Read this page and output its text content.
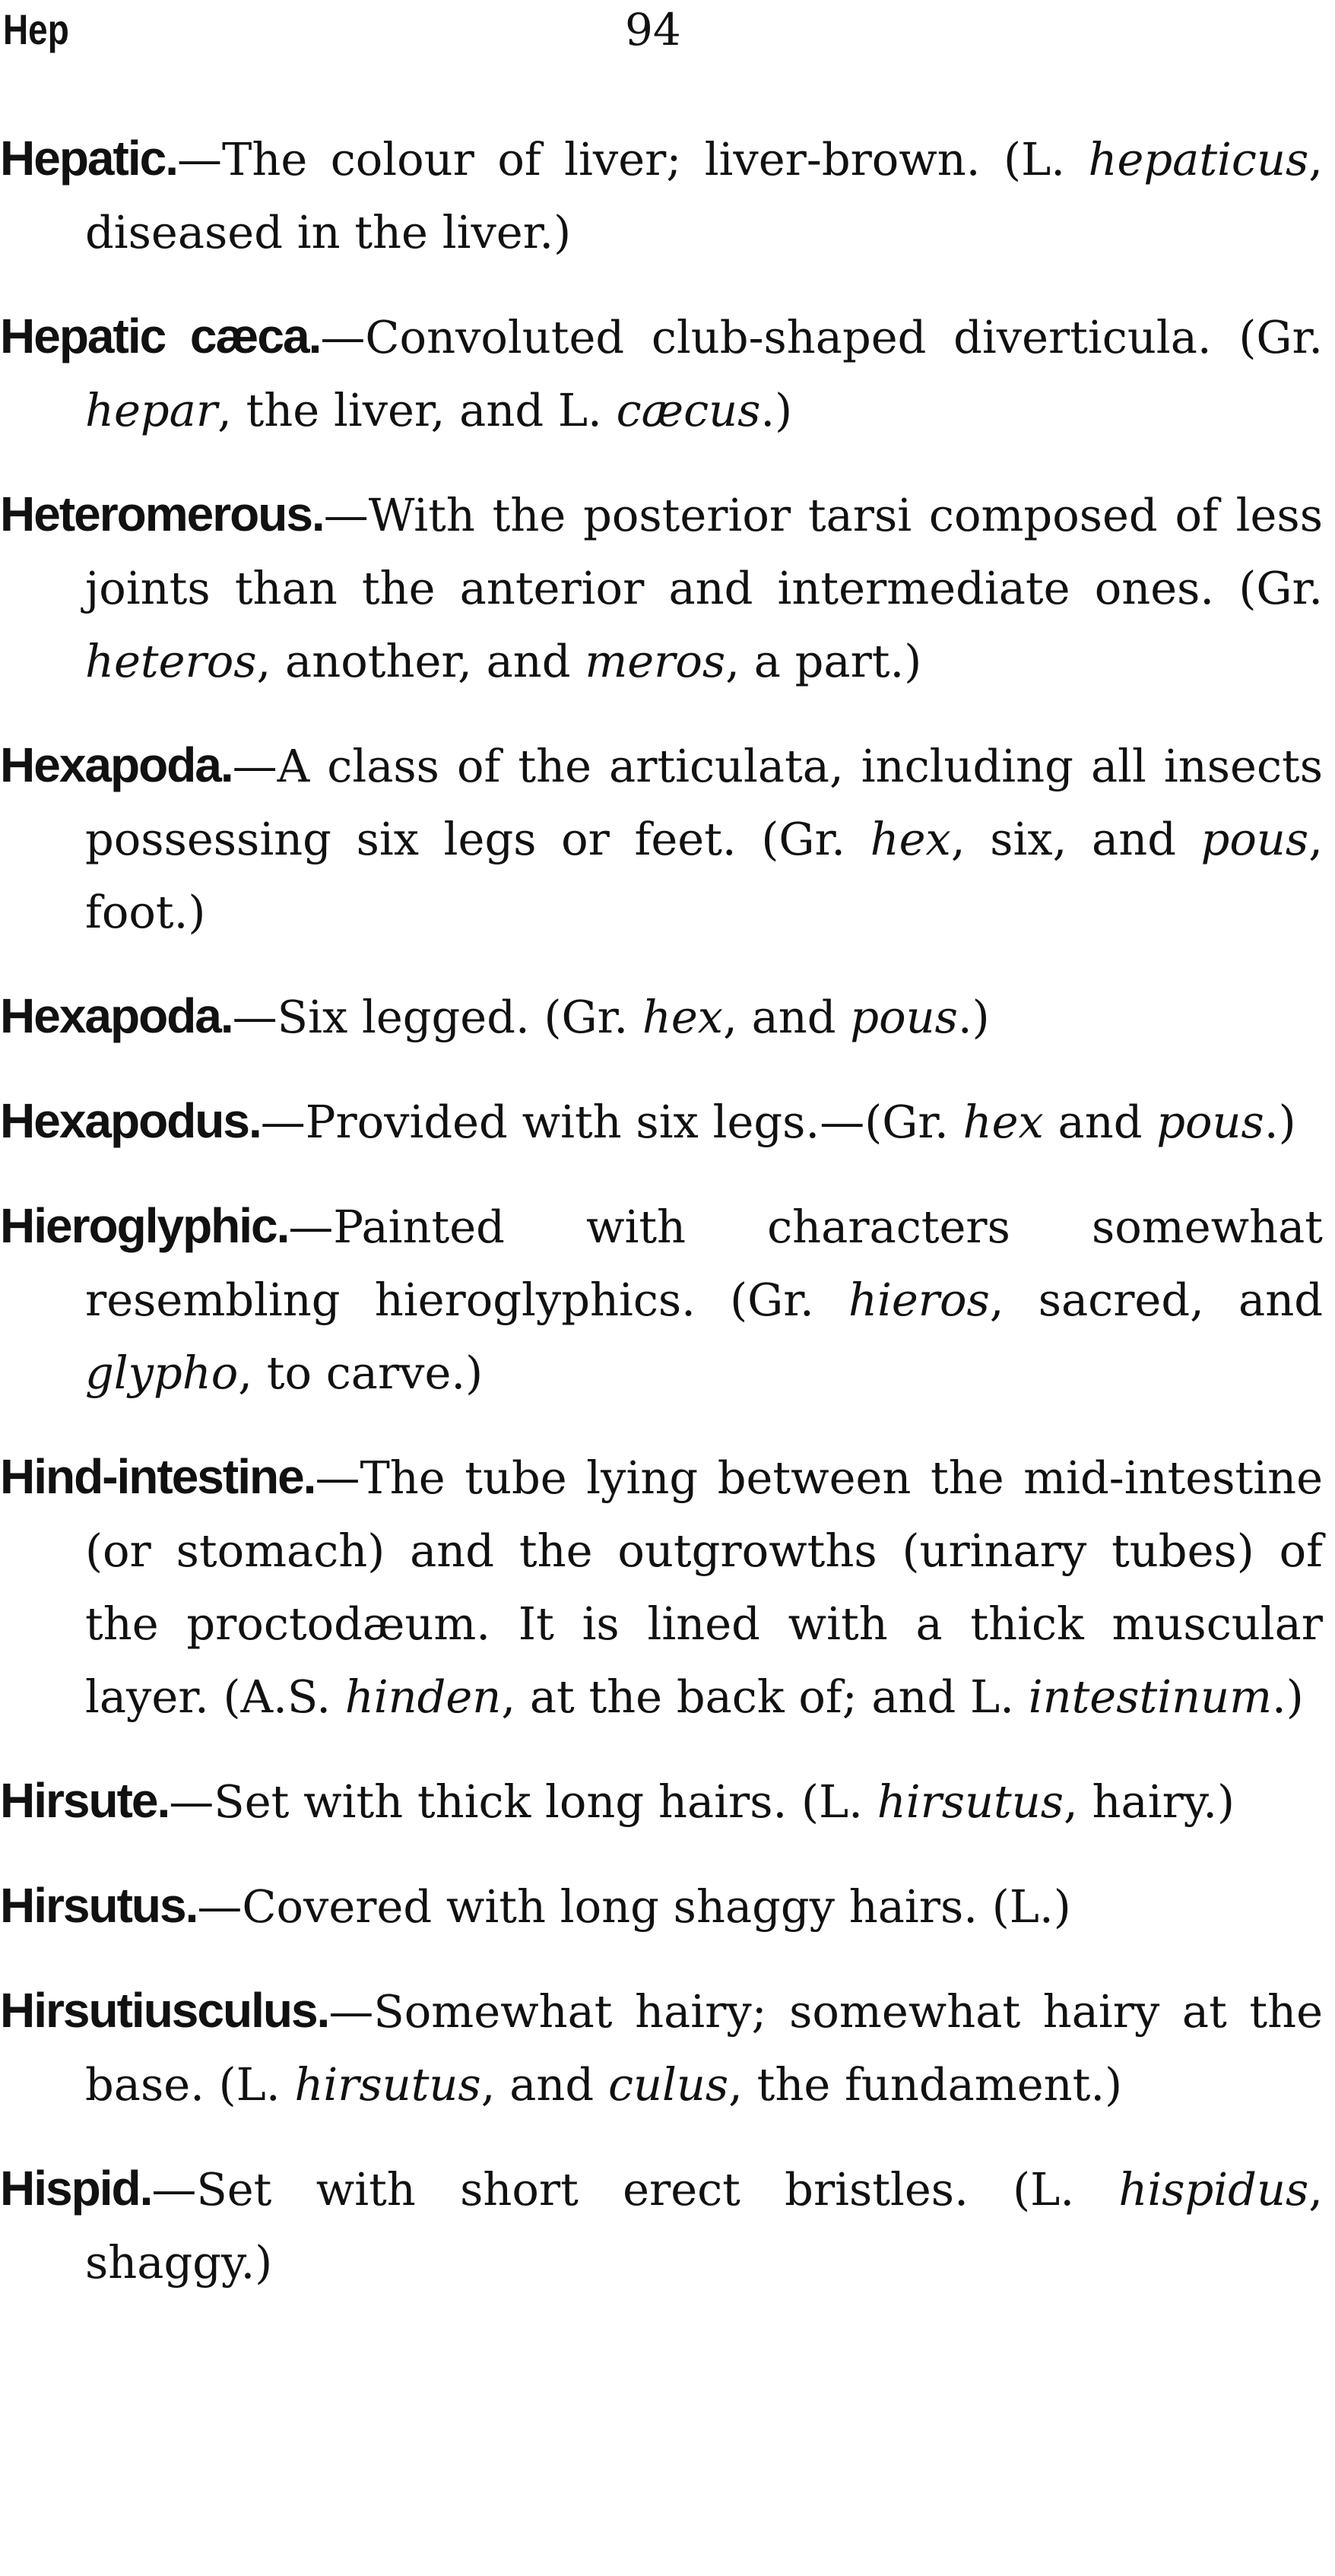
Hep	94

Hepatic.—The colour of liver; liver-brown. (L. hepaticus, diseased in the liver.)

Hepatic cæca.—Convoluted club-shaped diverticula. (Gr. hepar, the liver, and L. cæcus.)

Heteromerous.—With the posterior tarsi composed of less joints than the anterior and intermediate ones. (Gr. heteros, another, and meros, a part.)

Hexapoda.—A class of the articulata, including all insects possessing six legs or feet. (Gr. hex, six, and pous, foot.)

Hexapoda.—Six legged. (Gr. hex, and pous.)

Hexapodus.—Provided with six legs.—(Gr. hex and pous.)

Hieroglyphic.—Painted with characters somewhat resembling hieroglyphics. (Gr. hieros, sacred, and glypho, to carve.)

Hind-intestine.—The tube lying between the mid-intestine (or stomach) and the outgrowths (urinary tubes) of the proctodæum. It is lined with a thick muscular layer. (A.S. hinden, at the back of; and L. intestinum.)

Hirsute.—Set with thick long hairs. (L. hirsutus, hairy.)

Hirsutus.—Covered with long shaggy hairs. (L.)

Hirsutiusculus.—Somewhat hairy; somewhat hairy at the base. (L. hirsutus, and culus, the fundament.)

Hispid.—Set with short erect bristles. (L. hispidus, shaggy.)
